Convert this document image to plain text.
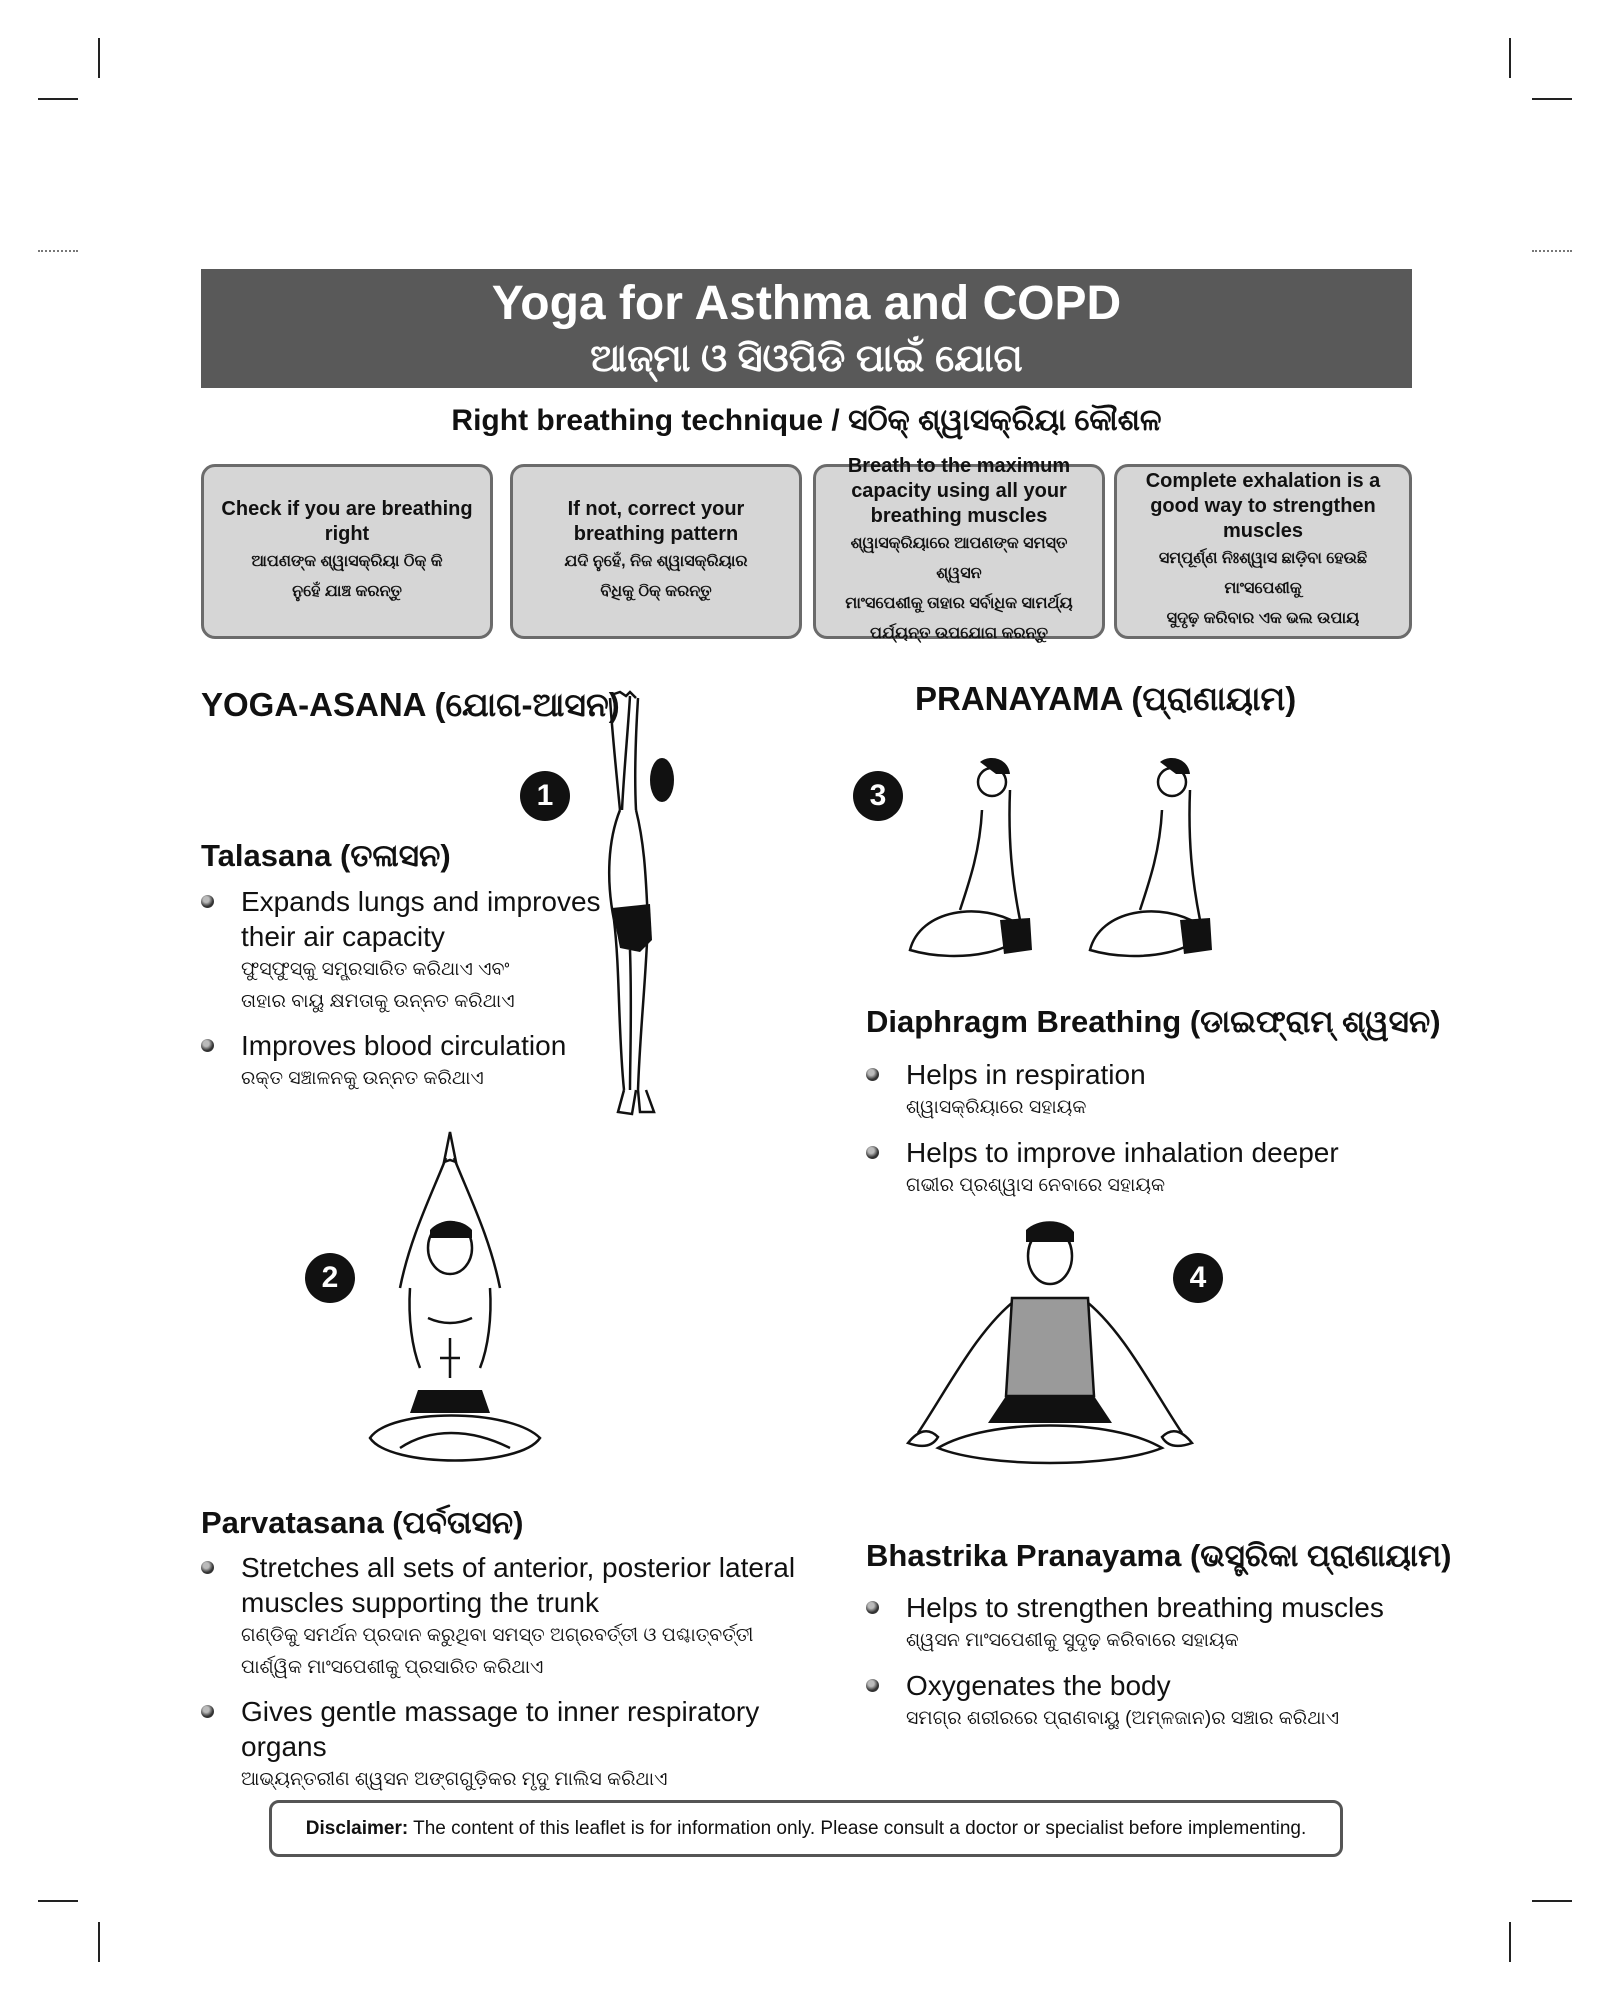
Yoga for Asthma and COPD
ଆଜ୍‌ମା ଓ ସିଓପିଡି ପାଇଁ ଯୋଗ
Right breathing technique / ସଠିକ୍ ଶ୍ୱାସକ୍ରିୟା କୌଶଳ
Check if you are breathing right
ଆପଣଙ୍କ ଶ୍ୱାସକ୍ରିୟା ଠିକ୍ କି
ନୁହେଁ ଯାଞ୍ଚ କରନ୍ତୁ
If not, correct your breathing pattern
ଯଦି ନୁହେଁ, ନିଜ ଶ୍ୱାସକ୍ରିୟାର
ବିଧିକୁ ଠିକ୍ କରନ୍ତୁ
Breath to the maximum capacity using all your breathing muscles
ଶ୍ୱାସକ୍ରିୟାରେ ଆପଣଙ୍କ ସମସ୍ତ ଶ୍ୱସନ
ମାଂସପେଶୀକୁ ତାହାର ସର୍ବାଧିକ ସାମର୍ଥ୍ୟ
ପର୍ଯ୍ୟନ୍ତ ଉପଯୋଗ କରନ୍ତୁ
Complete exhalation is a good way to strengthen muscles
ସମ୍ପୂର୍ଣ୍ଣ ନିଃଶ୍ୱାସ ଛାଡ଼ିବା ହେଉଛି
ମାଂସପେଶୀକୁ
ସୁଦୃଢ଼ କରିବାର ଏକ ଭଲ ଉପାୟ
YOGA-ASANA (ଯୋଗ-ଆସନ)	PRANAYAMA (ପ୍ରାଣାୟାମ)
1
Talasana (ତଳାସନ)
Expands lungs and improves
their air capacity
ଫୁସ୍‌ଫୁସ୍‌କୁ ସମ୍ପ୍ରସାରିତ କରିଥାଏ ଏବଂ
ତାହାର ବାୟୁ କ୍ଷମତାକୁ ଉନ୍ନତ କରିଥାଏ
Improves blood circulation
ରକ୍ତ ସଞ୍ଚାଳନକୁ ଉନ୍ନତ କରିଥାଏ
2
Parvatasana (ପର୍ବତାସନ)
Stretches all sets of anterior, posterior lateral
muscles supporting the trunk
ଗଣ୍ଡିକୁ ସମର୍ଥନ ପ୍ରଦାନ କରୁଥିବା ସମସ୍ତ ଅଗ୍ରବର୍ତ୍ତୀ ଓ ପଶ୍ଚାତ୍‌ବର୍ତ୍ତୀ
ପାର୍ଶ୍ୱିକ ମାଂସପେଶୀକୁ ପ୍ରସାରିତ କରିଥାଏ
Gives gentle massage to inner respiratory organs
ଆଭ୍ୟନ୍ତରୀଣ ଶ୍ୱସନ ଅଙ୍ଗଗୁଡ଼ିକର ମୃଦୁ ମାଲିସ କରିଥାଏ
3
Diaphragm Breathing (ଡାଇଫ୍ରାମ୍ ଶ୍ୱସନ)
Helps in respiration
ଶ୍ୱାସକ୍ରିୟାରେ ସହାୟକ
Helps to improve inhalation deeper
ଗଭୀର ପ୍ରଶ୍ୱାସ ନେବାରେ ସହାୟକ
4
Bhastrika Pranayama (ଭସ୍ତ୍ରିକା ପ୍ରାଣାୟାମ)
Helps to strengthen breathing muscles
ଶ୍ୱସନ ମାଂସପେଶୀକୁ ସୁଦୃଢ଼ କରିବାରେ ସହାୟକ
Oxygenates the body
ସମଗ୍ର ଶରୀରରେ ପ୍ରାଣବାୟୁ (ଅମ୍ଳଜାନ)ର ସଞ୍ଚାର କରିଥାଏ
Disclaimer: The content of this leaflet is for information only. Please consult a doctor or specialist before implementing.
